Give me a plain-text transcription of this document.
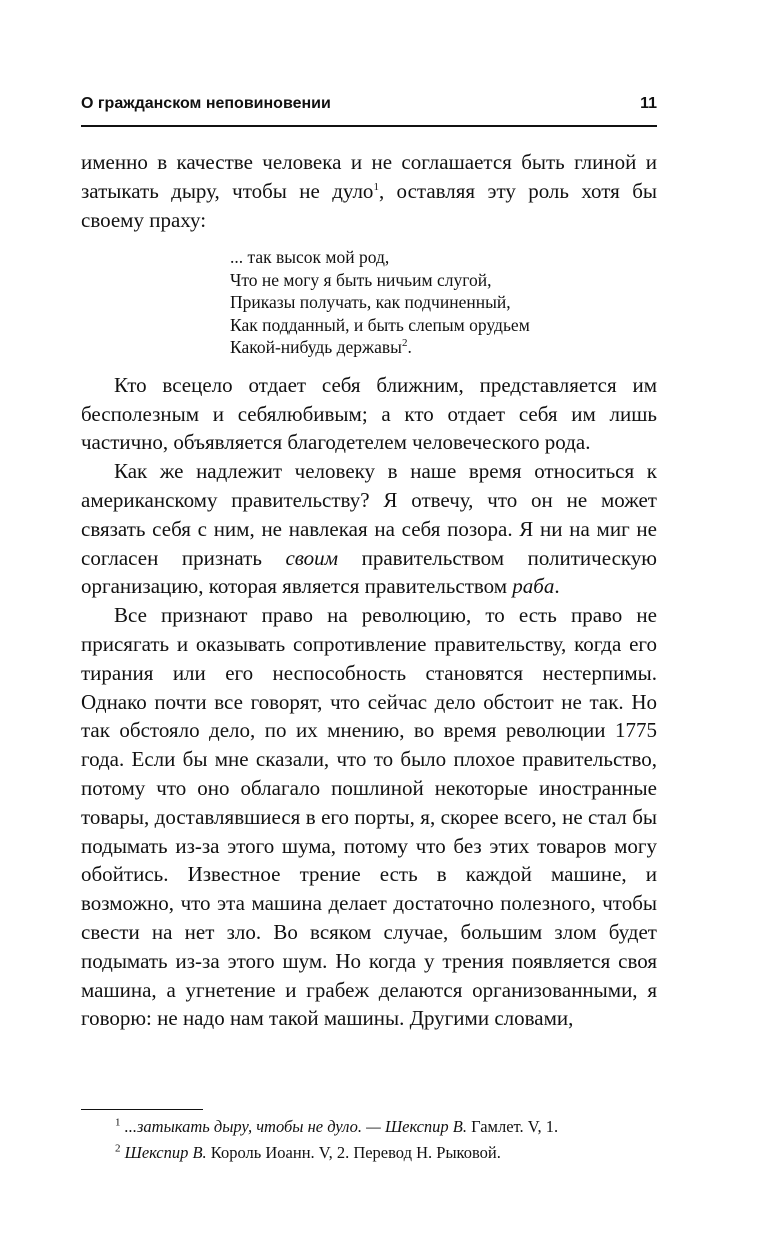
О гражданском неповиновении	11

именно в качестве человека и не соглашается быть глиной и затыкать дыру, чтобы не дуло$^1$, оставляя эту роль хотя бы своему праху:

... так высок мой род,
Что не могу я быть ничьим слугой,
Приказы получать, как подчиненный,
Как подданный, и быть слепым орудьем
Какой-нибудь державы$^2$.

Кто всецело отдает себя ближним, представляется им бесполезным и себялюбивым; а кто отдает себя им лишь частично, объявляется благодетелем человеческого рода.

Как же надлежит человеку в наше время относиться к американскому правительству? Я отвечу, что он не может связать себя с ним, не навлекая на себя позора. Я ни на миг не согласен признать своим правительством политическую организацию, которая является правительством раба.

Все признают право на революцию, то есть право не присягать и оказывать сопротивление правительству, когда его тирания или его неспособность становятся нестерпимы. Однако почти все говорят, что сейчас дело обстоит не так. Но так обстояло дело, по их мнению, во время революции 1775 года. Если бы мне сказали, что то было плохое правительство, потому что оно облагало пошлиной некоторые иностранные товары, доставлявшиеся в его порты, я, скорее всего, не стал бы подымать из-за этого шума, потому что без этих товаров могу обойтись. Известное трение есть в каждой машине, и возможно, что эта машина делает достаточно полезного, чтобы свести на нет зло. Во всяком случае, большим злом будет подымать из-за этого шум. Но когда у трения появляется своя машина, а угнетение и грабеж делаются организованными, я говорю: не надо нам такой машины. Другими словами,

$^1$ ...затыкать дыру, чтобы не дуло. — Шекспир В. Гамлет. V, 1.
$^2$ Шекспир В. Король Иоанн. V, 2. Перевод Н. Рыковой.
